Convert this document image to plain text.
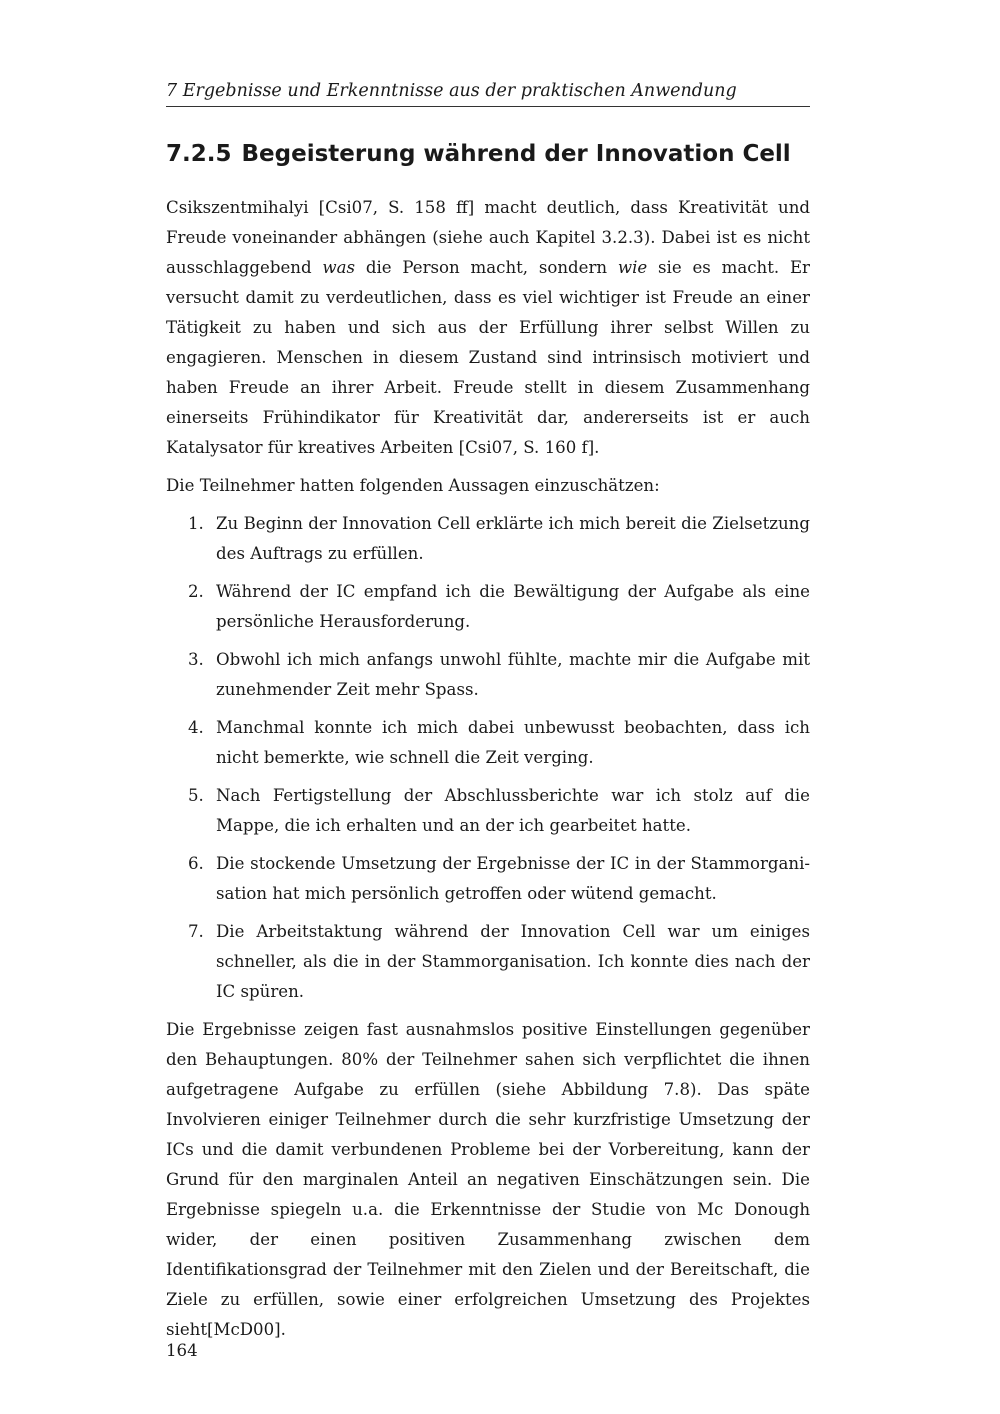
7 Ergebnisse und Erkenntnisse aus der praktischen Anwendung
7.2.5 Begeisterung während der Innovation Cell

Csikszentmihalyi [Csi07, S. 158 ff] macht deutlich, dass Kreativität und Freude voneinander abhängen (siehe auch Kapitel 3.2.3). Dabei ist es nicht ausschlaggebend was die Person macht, sondern wie sie es macht. Er versucht damit zu verdeutlichen, dass es viel wichtiger ist Freude an einer Tätigkeit zu haben und sich aus der Erfüllung ihrer selbst Willen zu engagieren. Menschen in diesem Zustand sind intrinsisch motiviert und haben Freude an ihrer Arbeit. Freude stellt in diesem Zusammenhang einerseits Frühindikator für Kreativität dar, andererseits ist er auch Katalysator für kreatives Arbeiten [Csi07, S. 160 f].

Die Teilnehmer hatten folgenden Aussagen einzuschätzen:

1. Zu Beginn der Innovation Cell erklärte ich mich bereit die Zielsetzung des Auftrags zu erfüllen.
2. Während der IC empfand ich die Bewältigung der Aufgabe als eine persönliche Herausforderung.
3. Obwohl ich mich anfangs unwohl fühlte, machte mir die Aufgabe mit zunehmender Zeit mehr Spass.
4. Manchmal konnte ich mich dabei unbewusst beobachten, dass ich nicht bemerkte, wie schnell die Zeit verging.
5. Nach Fertigstellung der Abschlussberichte war ich stolz auf die Mappe, die ich erhalten und an der ich gearbeitet hatte.
6. Die stockende Umsetzung der Ergebnisse der IC in der Stammorganisation hat mich persönlich getroffen oder wütend gemacht.
7. Die Arbeitstaktung während der Innovation Cell war um einiges schneller, als die in der Stammorganisation. Ich konnte dies nach der IC spüren.

Die Ergebnisse zeigen fast ausnahmslos positive Einstellungen gegenüber den Behauptungen. 80% der Teilnehmer sahen sich verpflichtet die ihnen aufgetragene Aufgabe zu erfüllen (siehe Abbildung 7.8). Das späte Involvieren einiger Teilnehmer durch die sehr kurzfristige Umsetzung der ICs und die damit verbundenen Probleme bei der Vorbereitung, kann der Grund für den marginalen Anteil an negativen Einschätzungen sein. Die Ergebnisse spiegeln u.a. die Erkenntnisse der Studie von Mc Donough wider, der einen positiven Zusammenhang zwischen dem Identifikationsgrad der Teilnehmer mit den Zielen und der Bereitschaft, die Ziele zu erfüllen, sowie einer erfolgreichen Umsetzung des Projektes sieht[McD00].

164
